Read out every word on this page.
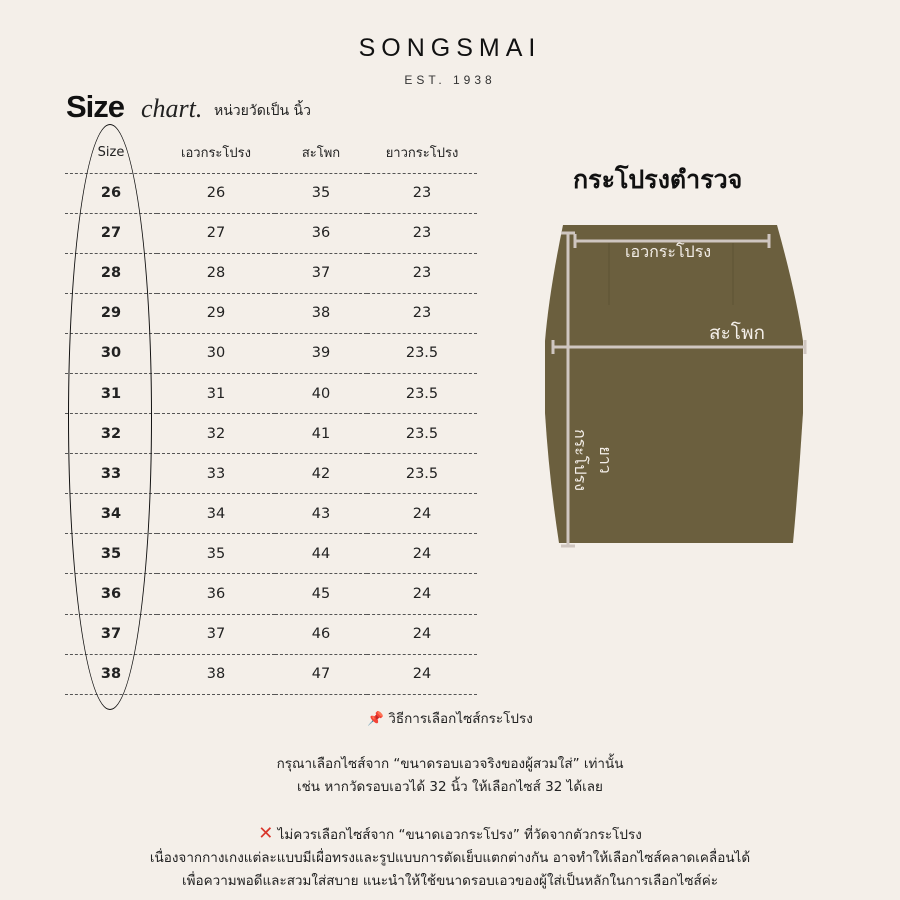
SONGSMAI
EST. 1938
Size chart. หน่วยวัดเป็น นิ้ว
Size	เอวกระโปรง	สะโพก	ยาวกระโปรง
26	26	35	23
27	27	36	23
28	28	37	23
29	29	38	23
30	30	39	23.5
31	31	40	23.5
32	32	41	23.5
33	33	42	23.5
34	34	43	24
35	35	44	24
36	36	45	24
37	37	46	24
38	38	47	24
กระโปรงตำรวจ
เอวกระโปรง
สะโพก
ยาวกระโปรง
📌 วิธีการเลือกไซส์กระโปรง
กรุณาเลือกไซส์จาก “ขนาดรอบเอวจริงของผู้สวมใส่” เท่านั้น
เช่น หากวัดรอบเอวได้ 32 นิ้ว ให้เลือกไซส์ 32 ได้เลย
✕ ไม่ควรเลือกไซส์จาก “ขนาดเอวกระโปรง” ที่วัดจากตัวกระโปรง
เนื่องจากกางเกงแต่ละแบบมีเผื่อทรงและรูปแบบการตัดเย็บแตกต่างกัน อาจทำให้เลือกไซส์คลาดเคลื่อนได้
เพื่อความพอดีและสวมใส่สบาย แนะนำให้ใช้ขนาดรอบเอวของผู้ใส่เป็นหลักในการเลือกไซส์ค่ะ
